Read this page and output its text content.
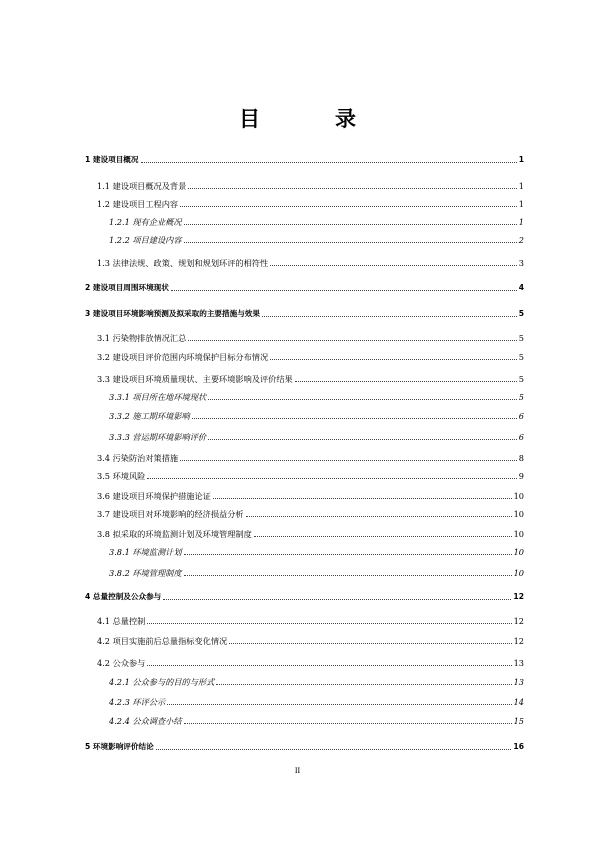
目　录
1 建设项目概况	1
1.1 建设项目概况及背景	1
1.2 建设项目工程内容	1
1.2.1 现有企业概况	1
1.2.2 项目建设内容	2
1.3 法律法规、政策、规划和规划环评的相符性	3
2 建设项目周围环境现状	4
3 建设项目环境影响预测及拟采取的主要措施与效果	5
3.1 污染物排放情况汇总	5
3.2 建设项目评价范围内环境保护目标分布情况	5
3.3 建设项目环境质量现状、主要环境影响及评价结果	5
3.3.1 项目所在地环境现状	5
3.3.2 施工期环境影响	6
3.3.3 营运期环境影响评价	6
3.4 污染防治对策措施	8
3.5 环境风险	9
3.6 建设项目环境保护措施论证	10
3.7 建设项目对环境影响的经济损益分析	10
3.8 拟采取的环境监测计划及环境管理制度	10
3.8.1 环境监测计划	10
3.8.2 环境管理制度	10
4 总量控制及公众参与	12
4.1 总量控制	12
4.2 项目实施前后总量指标变化情况	12
4.2 公众参与	13
4.2.1 公众参与的目的与形式	13
4.2.3 环评公示	14
4.2.4 公众调查小结	15
5 环境影响评价结论	16
II
